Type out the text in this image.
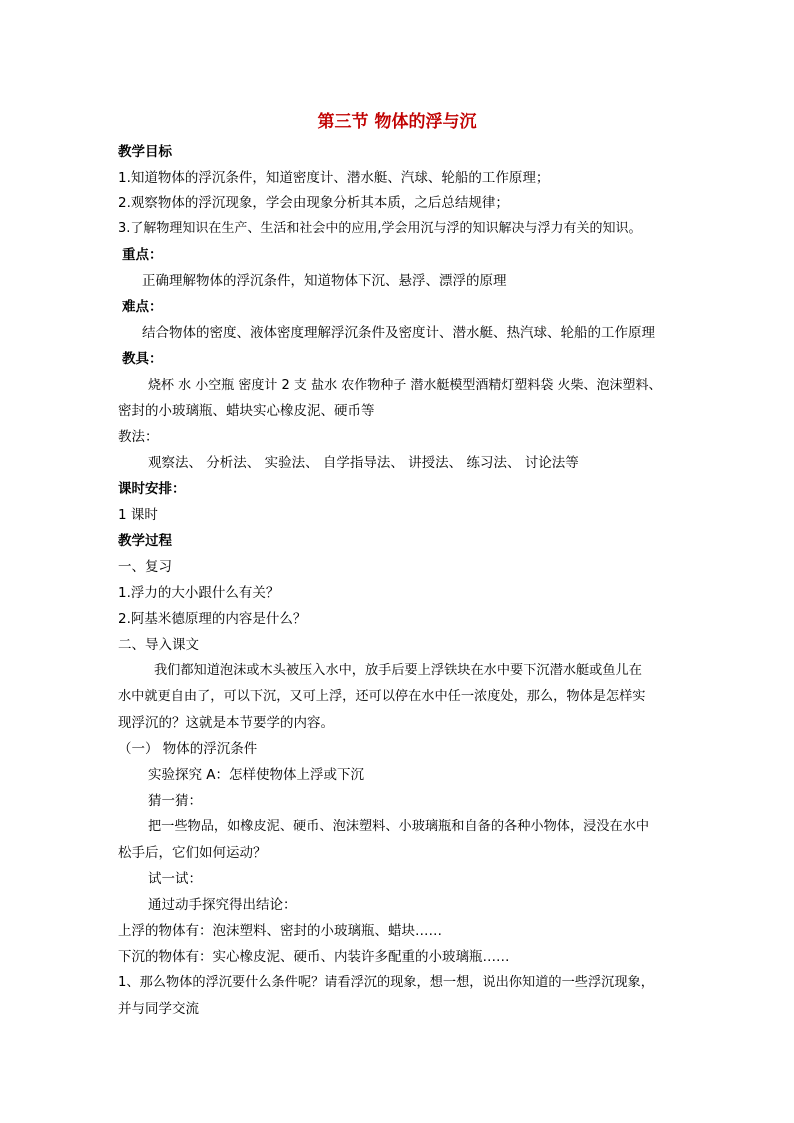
第三节 物体的浮与沉
教学目标
1.知道物体的浮沉条件，知道密度计、潜水艇、汽球、轮船的工作原理；
2.观察物体的浮沉现象，学会由现象分析其本质，之后总结规律；
3.了解物理知识在生产、生活和社会中的应用,学会用沉与浮的知识解决与浮力有关的知识。
重点：
正确理解物体的浮沉条件，知道物体下沉、悬浮、漂浮的原理
难点：
结合物体的密度、液体密度理解浮沉条件及密度计、潜水艇、热汽球、轮船的工作原理
教具：
烧杯 水 小空瓶 密度计 2 支 盐水 农作物种子 潜水艇模型酒精灯塑料袋 火柴、泡沫塑料、
密封的小玻璃瓶、蜡块实心橡皮泥、硬币等
教法：
观察法、 分析法、 实验法、 自学指导法、 讲授法、 练习法、 讨论法等
课时安排：
1 课时
教学过程
一、复习
1.浮力的大小跟什么有关？
2.阿基米德原理的内容是什么？
二、导入课文
我们都知道泡沫或木头被压入水中，放手后要上浮铁块在水中要下沉潜水艇或鱼儿在
水中就更自由了，可以下沉，又可上浮，还可以停在水中任一浓度处，那么，物体是怎样实
现浮沉的？这就是本节要学的内容。
（一） 物体的浮沉条件
实验探究 A：怎样使物体上浮或下沉
猜一猜：
把一些物品，如橡皮泥、硬币、泡沫塑料、小玻璃瓶和自备的各种小物体，浸没在水中
松手后，它们如何运动？
试一试：
通过动手探究得出结论：
上浮的物体有：泡沫塑料、密封的小玻璃瓶、蜡块……
下沉的物体有：实心橡皮泥、硬币、内装许多配重的小玻璃瓶……
1、那么物体的浮沉要什么条件呢？请看浮沉的现象，想一想，说出你知道的一些浮沉现象，
并与同学交流
